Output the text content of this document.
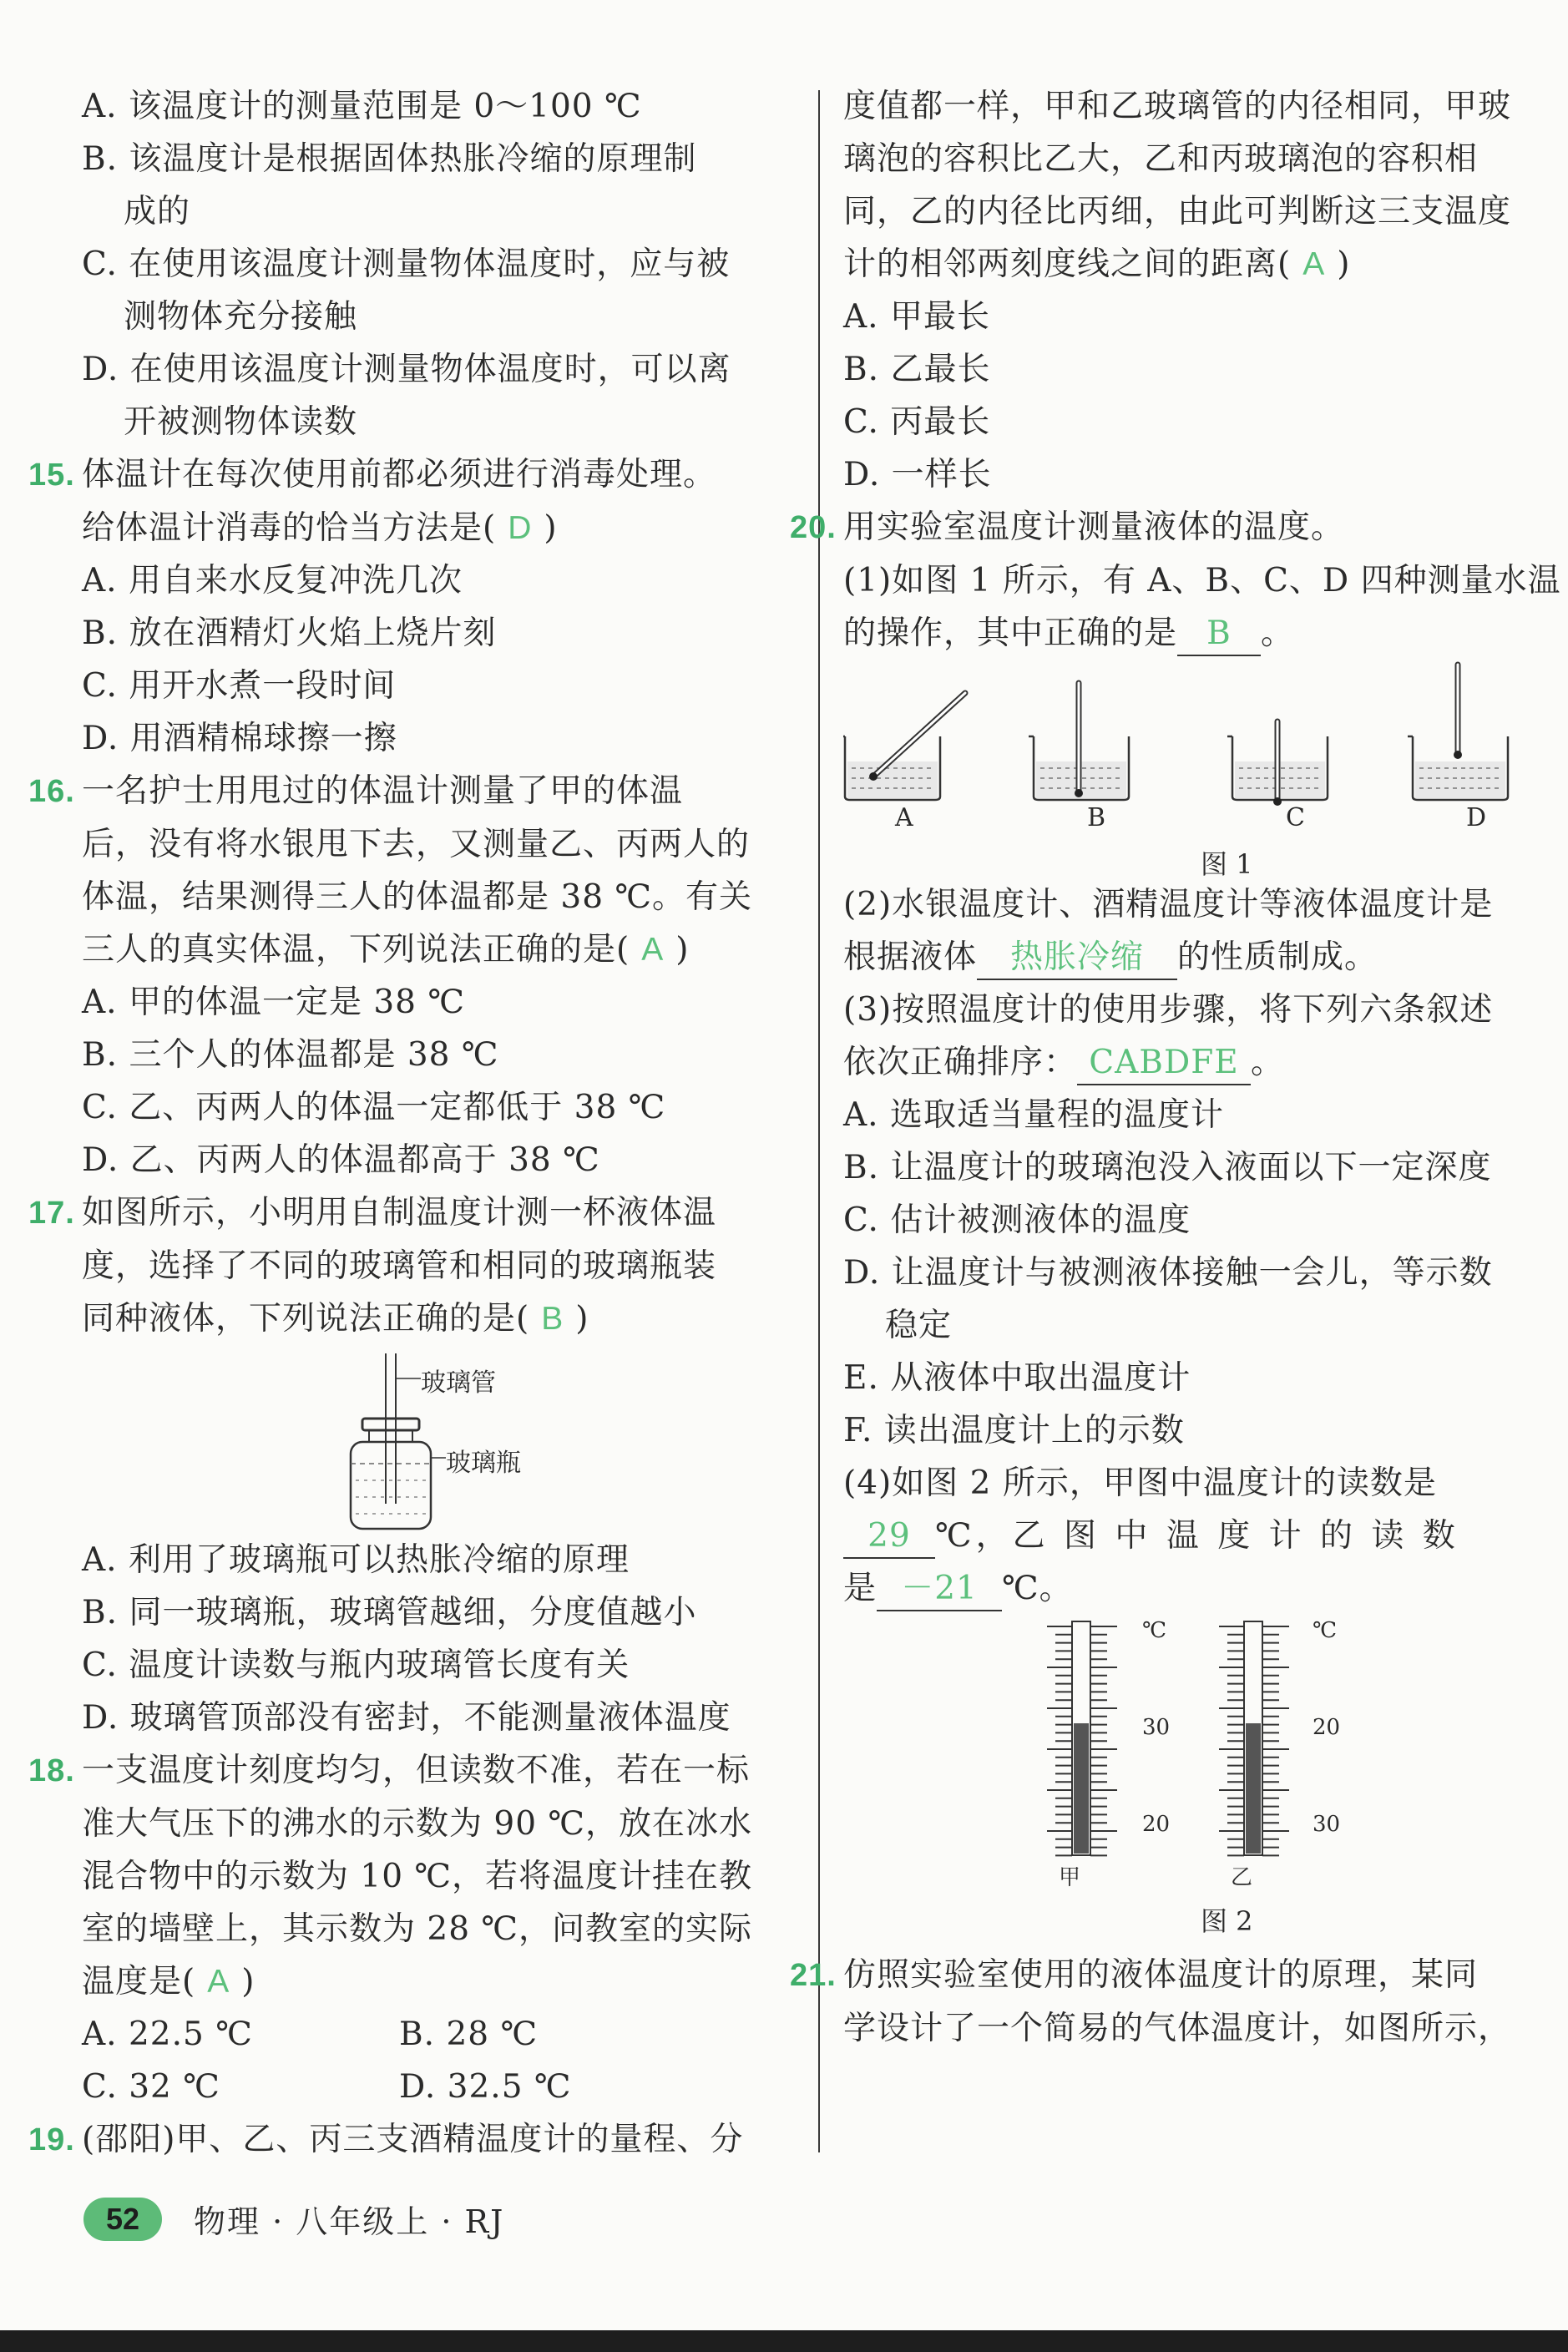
A. 该温度计的测量范围是 0～100 ℃
B. 该温度计是根据固体热胀冷缩的原理制
成的
C. 在使用该温度计测量物体温度时，应与被
测物体充分接触
D. 在使用该温度计测量物体温度时，可以离
开被测物体读数
15. 体温计在每次使用前都必须进行消毒处理。
给体温计消毒的恰当方法是( D )
A. 用自来水反复冲洗几次
B. 放在酒精灯火焰上烧片刻
C. 用开水煮一段时间
D. 用酒精棉球擦一擦
16. 一名护士用甩过的体温计测量了甲的体温
后，没有将水银甩下去，又测量乙、丙两人的
体温，结果测得三人的体温都是 38 ℃。有关
三人的真实体温，下列说法正确的是( A )
A. 甲的体温一定是 38 ℃
B. 三个人的体温都是 38 ℃
C. 乙、丙两人的体温一定都低于 38 ℃
D. 乙、丙两人的体温都高于 38 ℃
17. 如图所示，小明用自制温度计测一杯液体温
度，选择了不同的玻璃管和相同的玻璃瓶装
同种液体，下列说法正确的是( B )
玻璃管
玻璃瓶
A. 利用了玻璃瓶可以热胀冷缩的原理
B. 同一玻璃瓶，玻璃管越细，分度值越小
C. 温度计读数与瓶内玻璃管长度有关
D. 玻璃管顶部没有密封，不能测量液体温度
18. 一支温度计刻度均匀，但读数不准，若在一标
准大气压下的沸水的示数为 90 ℃，放在冰水
混合物中的示数为 10 ℃，若将温度计挂在教
室的墙壁上，其示数为 28 ℃，问教室的实际
温度是( A )
A. 22.5 ℃	B. 28 ℃
C. 32 ℃	D. 32.5 ℃
19. (邵阳)甲、乙、丙三支酒精温度计的量程、分
度值都一样，甲和乙玻璃管的内径相同，甲玻
璃泡的容积比乙大，乙和丙玻璃泡的容积相
同，乙的内径比丙细，由此可判断这三支温度
计的相邻两刻度线之间的距离( A )
A. 甲最长
B. 乙最长
C. 丙最长
D. 一样长
20. 用实验室温度计测量液体的温度。
(1)如图 1 所示，有 A、B、C、D 四种测量水温
的操作，其中正确的是 B 。
A	B	C	D
图 1
(2)水银温度计、酒精温度计等液体温度计是
根据液体 热胀冷缩 的性质制成。
(3)按照温度计的使用步骤，将下列六条叙述
依次正确排序： CABDFE 。
A. 选取适当量程的温度计
B. 让温度计的玻璃泡没入液面以下一定深度
C. 估计被测液体的温度
D. 让温度计与被测液体接触一会儿，等示数
稳定
E. 从液体中取出温度计
F. 读出温度计上的示数
(4)如图 2 所示，甲图中温度计的读数是
29 ℃，乙 图 中 温 度 计 的 读 数
是 －21 ℃。
℃	℃
30
20
20
30
甲	乙
图 2
21. 仿照实验室使用的液体温度计的原理，某同
学设计了一个简易的气体温度计，如图所示，
52	物理 · 八年级上 · RJ
